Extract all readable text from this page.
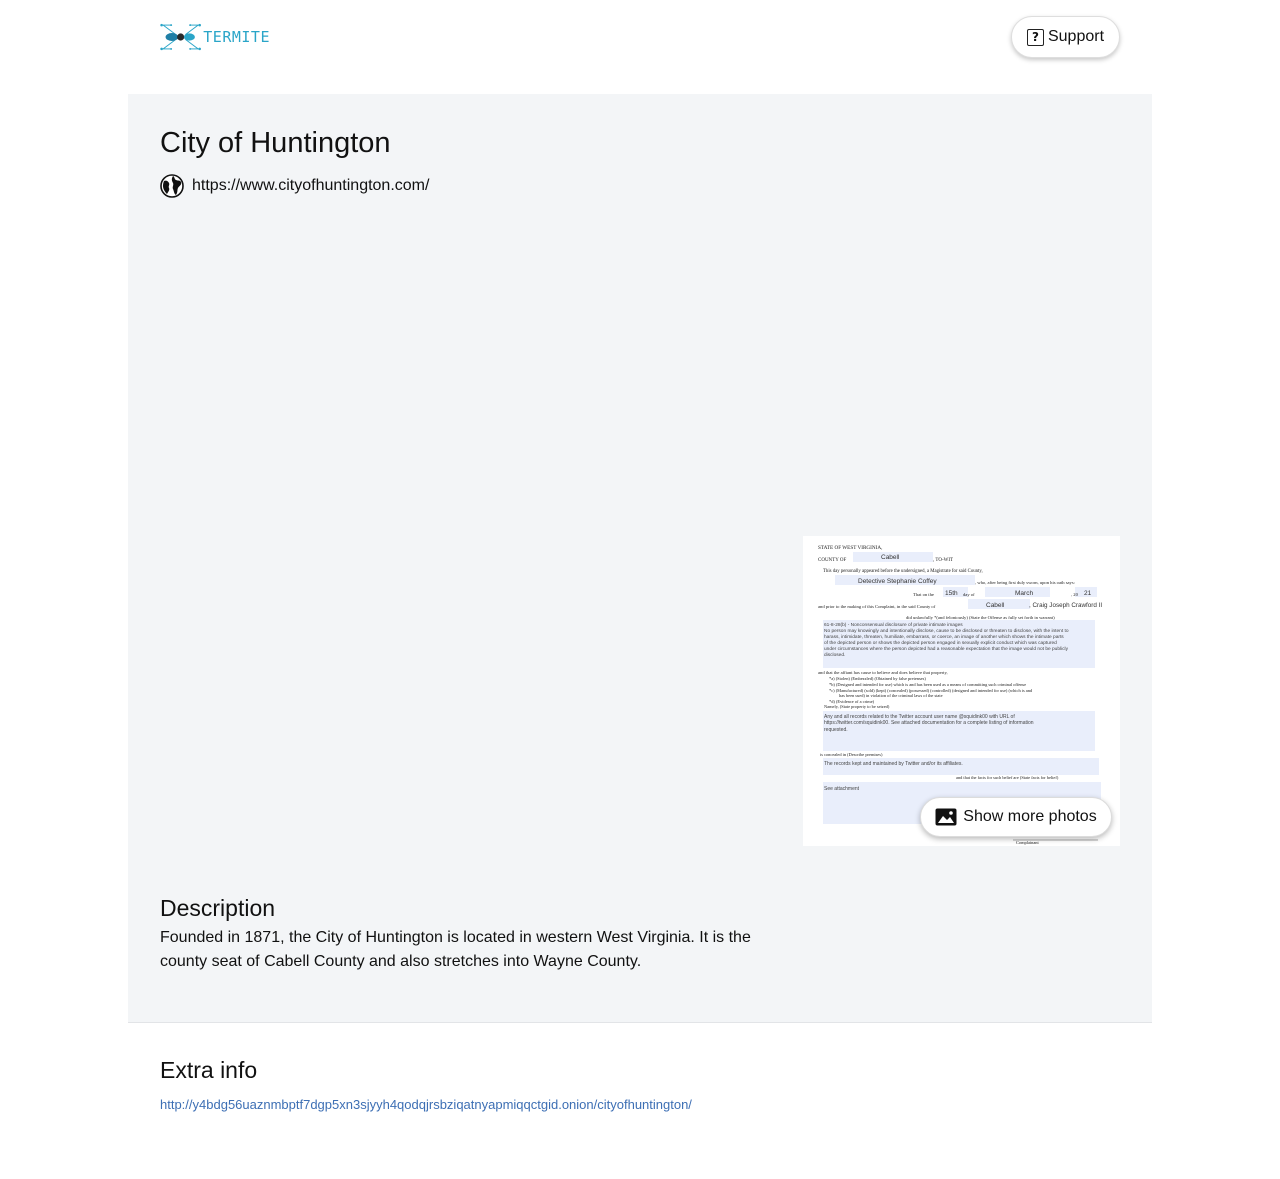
TERMITE	? Support
City of Huntington
https://www.cityofhuntington.com/
STATE OF WEST VIRGINIA,
COUNTY OF	Cabell	, TO-WIT
This day personally appeared before the undersigned, a Magistrate for said County,
Detective Stephanie Coffey	, who, after being first duly sworn, upon his oath says:
That on the 15th day of	March	, 20 21
and prior to the making of this Complaint, in the said County of	Cabell	, Craig Joseph Crawford II
did unlawfully *(and feloniously) (State the Offense as fully set forth in warrant)
61-8-28(b) - Nonconsensual disclosure of private intimate images
No person may knowingly and intentionally disclose, cause to be disclosed or threaten to disclose, with the intent to
harass, intimidate, threaten, humiliate, embarrass, or coerce, an image of another which shows the intimate parts
of the depicted person or shows the depicted person engaged in sexually explicit conduct which was captured
under circumstances where the person depicted had a reasonable expectation that the image would not be publicly
disclosed.
and that the affiant has cause to believe and does believe that property,
*a) (Stolen) (Embezzled) (Obtained by false pretenses)
*b) (Designed and intended for use) which is and has been used as a means of committing such criminal offense
*c) (Manufactured) (sold) (kept) (concealed) (possessed) (controlled) (designed and intended for use) (which is and
has been used) in violation of the criminal laws of the state
*d) (Evidence of a crime)
Namely, (State property to be seized)
Any and all records related to the Twitter account user name @squidink00 with URL of
https://twitter.com/squidink00. See attached documentation for a complete listing of information
requested.
is concealed in (Describe premises)
The records kept and maintained by Twitter and/or its affiliates.
and that the facts for such belief are (State facts for belief)
See attachment
Complainant
Show more photos
Description

Founded in 1871, the City of Huntington is located in western West Virginia. It is the county seat of Cabell County and also stretches into Wayne County.

Extra info
http://y4bdg56uaznmbptf7dgp5xn3sjyyh4qodqjrsbziqatnyapmiqqctgid.onion/cityofhuntington/
